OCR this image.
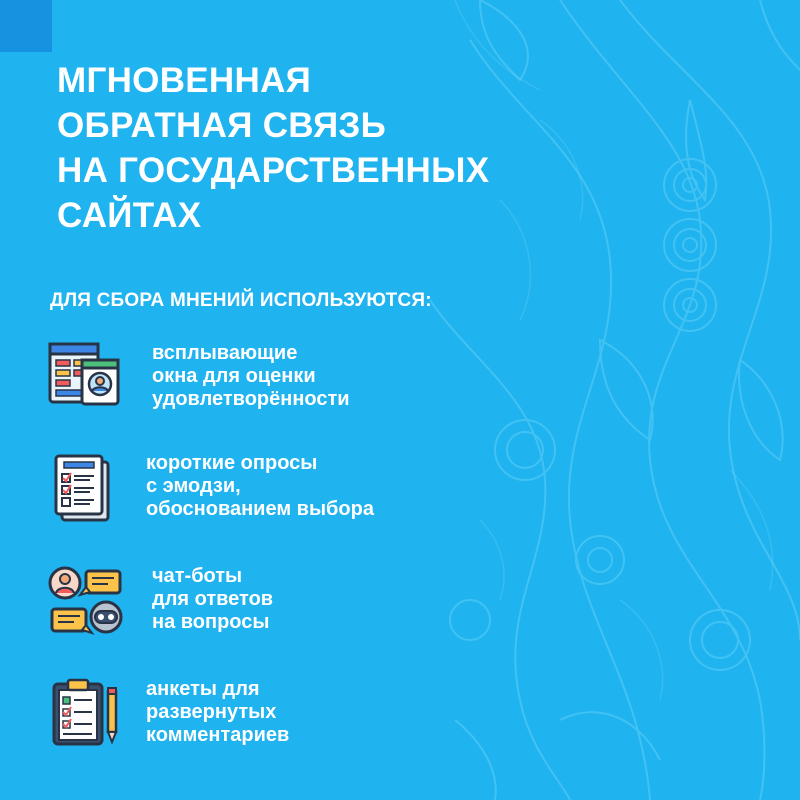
МГНОВЕННАЯ
ОБРАТНАЯ СВЯЗЬ
НА ГОСУДАРСТВЕННЫХ
САЙТАХ

ДЛЯ СБОРА МНЕНИЙ ИСПОЛЬЗУЮТСЯ:

всплывающие
окна для оценки
удовлетворённости
короткие опросы
с эмодзи,
обоснованием выбора
чат-боты
для ответов
на вопросы
анкеты для
развернутых
комментариев
